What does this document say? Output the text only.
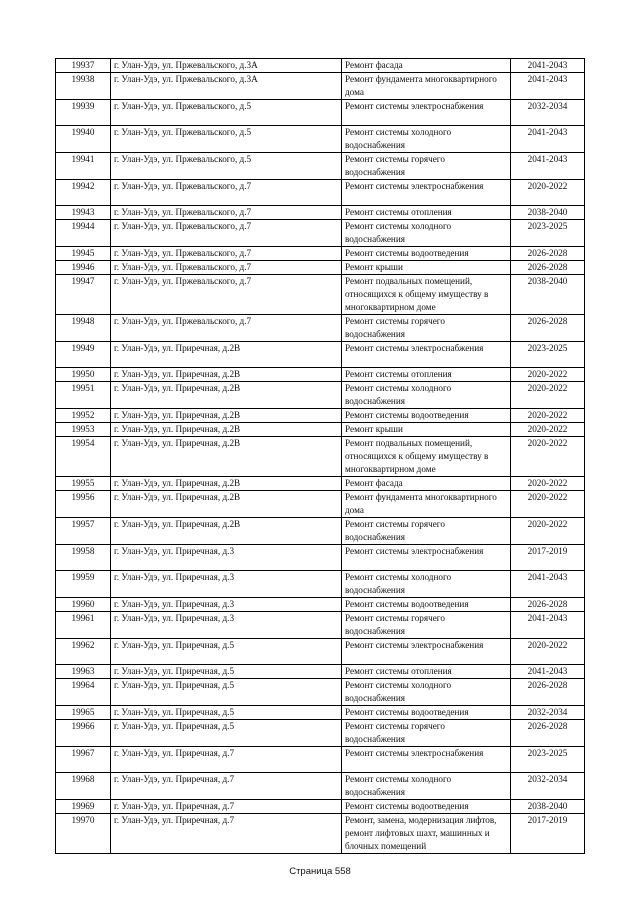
19937	г. Улан-Удэ, ул. Пржевальского, д.3А	Ремонт фасада	2041-2043
19938	г. Улан-Удэ, ул. Пржевальского, д.3А	Ремонт фундамента многоквартирного дома	2041-2043
19939	г. Улан-Удэ, ул. Пржевальского, д.5	Ремонт системы электроснабжения	2032-2034
19940	г. Улан-Удэ, ул. Пржевальского, д.5	Ремонт системы холодного водоснабжения	2041-2043
19941	г. Улан-Удэ, ул. Пржевальского, д.5	Ремонт системы горячего водоснабжения	2041-2043
19942	г. Улан-Удэ, ул. Пржевальского, д.7	Ремонт системы электроснабжения	2020-2022
19943	г. Улан-Удэ, ул. Пржевальского, д.7	Ремонт системы отопления	2038-2040
19944	г. Улан-Удэ, ул. Пржевальского, д.7	Ремонт системы холодного водоснабжения	2023-2025
19945	г. Улан-Удэ, ул. Пржевальского, д.7	Ремонт системы водоотведения	2026-2028
19946	г. Улан-Удэ, ул. Пржевальского, д.7	Ремонт крыши	2026-2028
19947	г. Улан-Удэ, ул. Пржевальского, д.7	Ремонт подвальных помещений, относящихся к общему имуществу в многоквартирном доме	2038-2040
19948	г. Улан-Удэ, ул. Пржевальского, д.7	Ремонт системы горячего водоснабжения	2026-2028
19949	г. Улан-Удэ, ул. Приречная, д.2В	Ремонт системы электроснабжения	2023-2025
19950	г. Улан-Удэ, ул. Приречная, д.2В	Ремонт системы отопления	2020-2022
19951	г. Улан-Удэ, ул. Приречная, д.2В	Ремонт системы холодного водоснабжения	2020-2022
19952	г. Улан-Удэ, ул. Приречная, д.2В	Ремонт системы водоотведения	2020-2022
19953	г. Улан-Удэ, ул. Приречная, д.2В	Ремонт крыши	2020-2022
19954	г. Улан-Удэ, ул. Приречная, д.2В	Ремонт подвальных помещений, относящихся к общему имуществу в многоквартирном доме	2020-2022
19955	г. Улан-Удэ, ул. Приречная, д.2В	Ремонт фасада	2020-2022
19956	г. Улан-Удэ, ул. Приречная, д.2В	Ремонт фундамента многоквартирного дома	2020-2022
19957	г. Улан-Удэ, ул. Приречная, д.2В	Ремонт системы горячего водоснабжения	2020-2022
19958	г. Улан-Удэ, ул. Приречная, д.3	Ремонт системы электроснабжения	2017-2019
19959	г. Улан-Удэ, ул. Приречная, д.3	Ремонт системы холодного водоснабжения	2041-2043
19960	г. Улан-Удэ, ул. Приречная, д.3	Ремонт системы водоотведения	2026-2028
19961	г. Улан-Удэ, ул. Приречная, д.3	Ремонт системы горячего водоснабжения	2041-2043
19962	г. Улан-Удэ, ул. Приречная, д.5	Ремонт системы электроснабжения	2020-2022
19963	г. Улан-Удэ, ул. Приречная, д.5	Ремонт системы отопления	2041-2043
19964	г. Улан-Удэ, ул. Приречная, д.5	Ремонт системы холодного водоснабжения	2026-2028
19965	г. Улан-Удэ, ул. Приречная, д.5	Ремонт системы водоотведения	2032-2034
19966	г. Улан-Удэ, ул. Приречная, д.5	Ремонт системы горячего водоснабжения	2026-2028
19967	г. Улан-Удэ, ул. Приречная, д.7	Ремонт системы электроснабжения	2023-2025
19968	г. Улан-Удэ, ул. Приречная, д.7	Ремонт системы холодного водоснабжения	2032-2034
19969	г. Улан-Удэ, ул. Приречная, д.7	Ремонт системы водоотведения	2038-2040
19970	г. Улан-Удэ, ул. Приречная, д.7	Ремонт, замена, модернизация лифтов, ремонт лифтовых шахт, машинных и блочных помещений	2017-2019
Страница 558
